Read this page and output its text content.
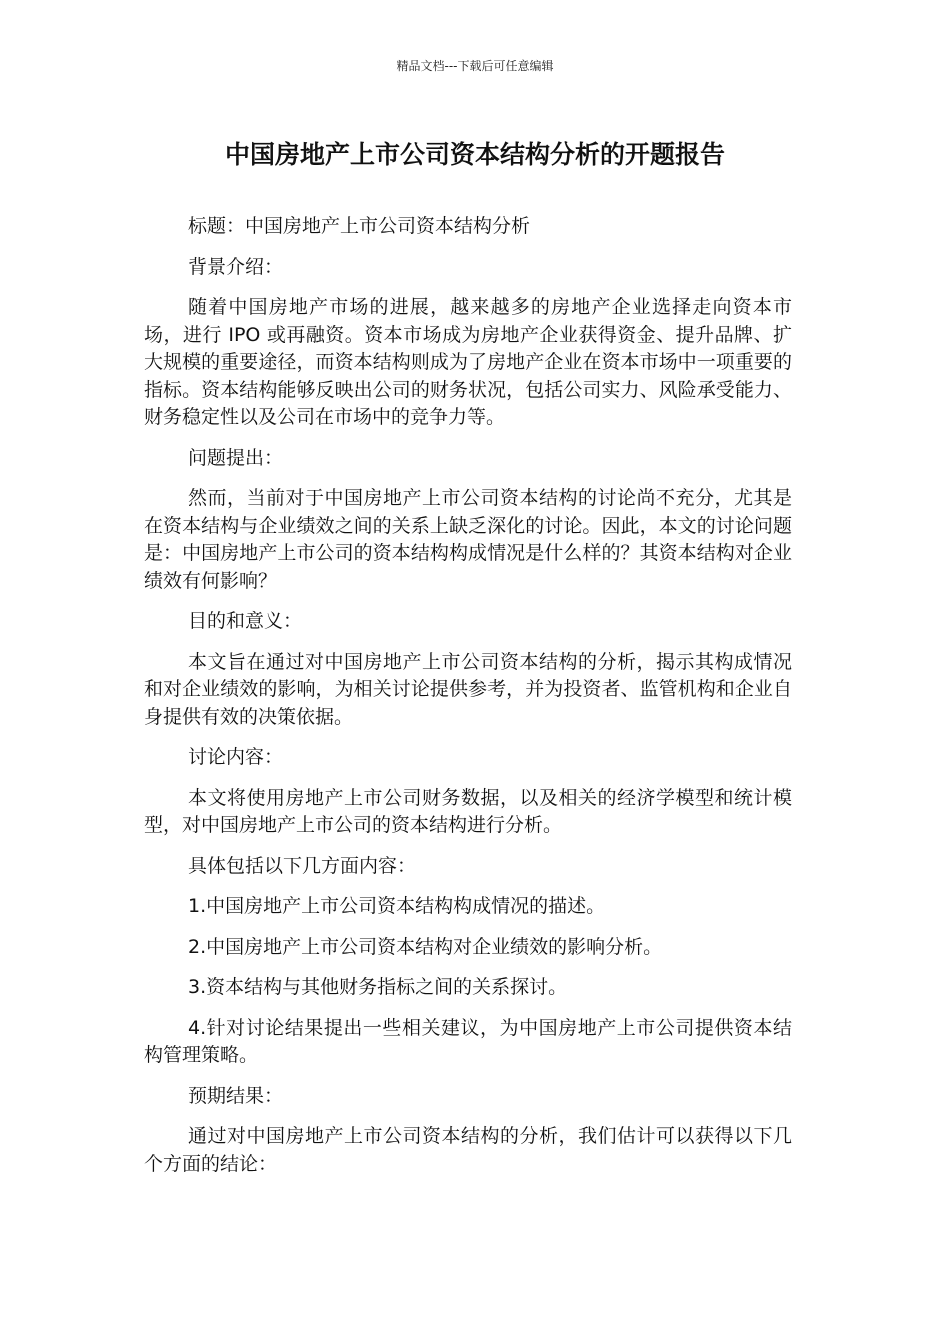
精品文档---下载后可任意编辑
中国房地产上市公司资本结构分析的开题报告

标题：中国房地产上市公司资本结构分析

背景介绍：

随着中国房地产市场的进展，越来越多的房地产企业选择走向资本市场，进行 IPO 或再融资。资本市场成为房地产企业获得资金、提升品牌、扩大规模的重要途径，而资本结构则成为了房地产企业在资本市场中一项重要的指标。资本结构能够反映出公司的财务状况，包括公司实力、风险承受能力、财务稳定性以及公司在市场中的竞争力等。

问题提出：

然而，当前对于中国房地产上市公司资本结构的讨论尚不充分，尤其是在资本结构与企业绩效之间的关系上缺乏深化的讨论。因此，本文的讨论问题是：中国房地产上市公司的资本结构构成情况是什么样的？其资本结构对企业绩效有何影响？

目的和意义：

本文旨在通过对中国房地产上市公司资本结构的分析，揭示其构成情况和对企业绩效的影响，为相关讨论提供参考，并为投资者、监管机构和企业自身提供有效的决策依据。

讨论内容：

本文将使用房地产上市公司财务数据，以及相关的经济学模型和统计模型，对中国房地产上市公司的资本结构进行分析。

具体包括以下几方面内容：

1.中国房地产上市公司资本结构构成情况的描述。

2.中国房地产上市公司资本结构对企业绩效的影响分析。

3.资本结构与其他财务指标之间的关系探讨。

4.针对讨论结果提出一些相关建议，为中国房地产上市公司提供资本结构管理策略。

预期结果：

通过对中国房地产上市公司资本结构的分析，我们估计可以获得以下几个方面的结论：
